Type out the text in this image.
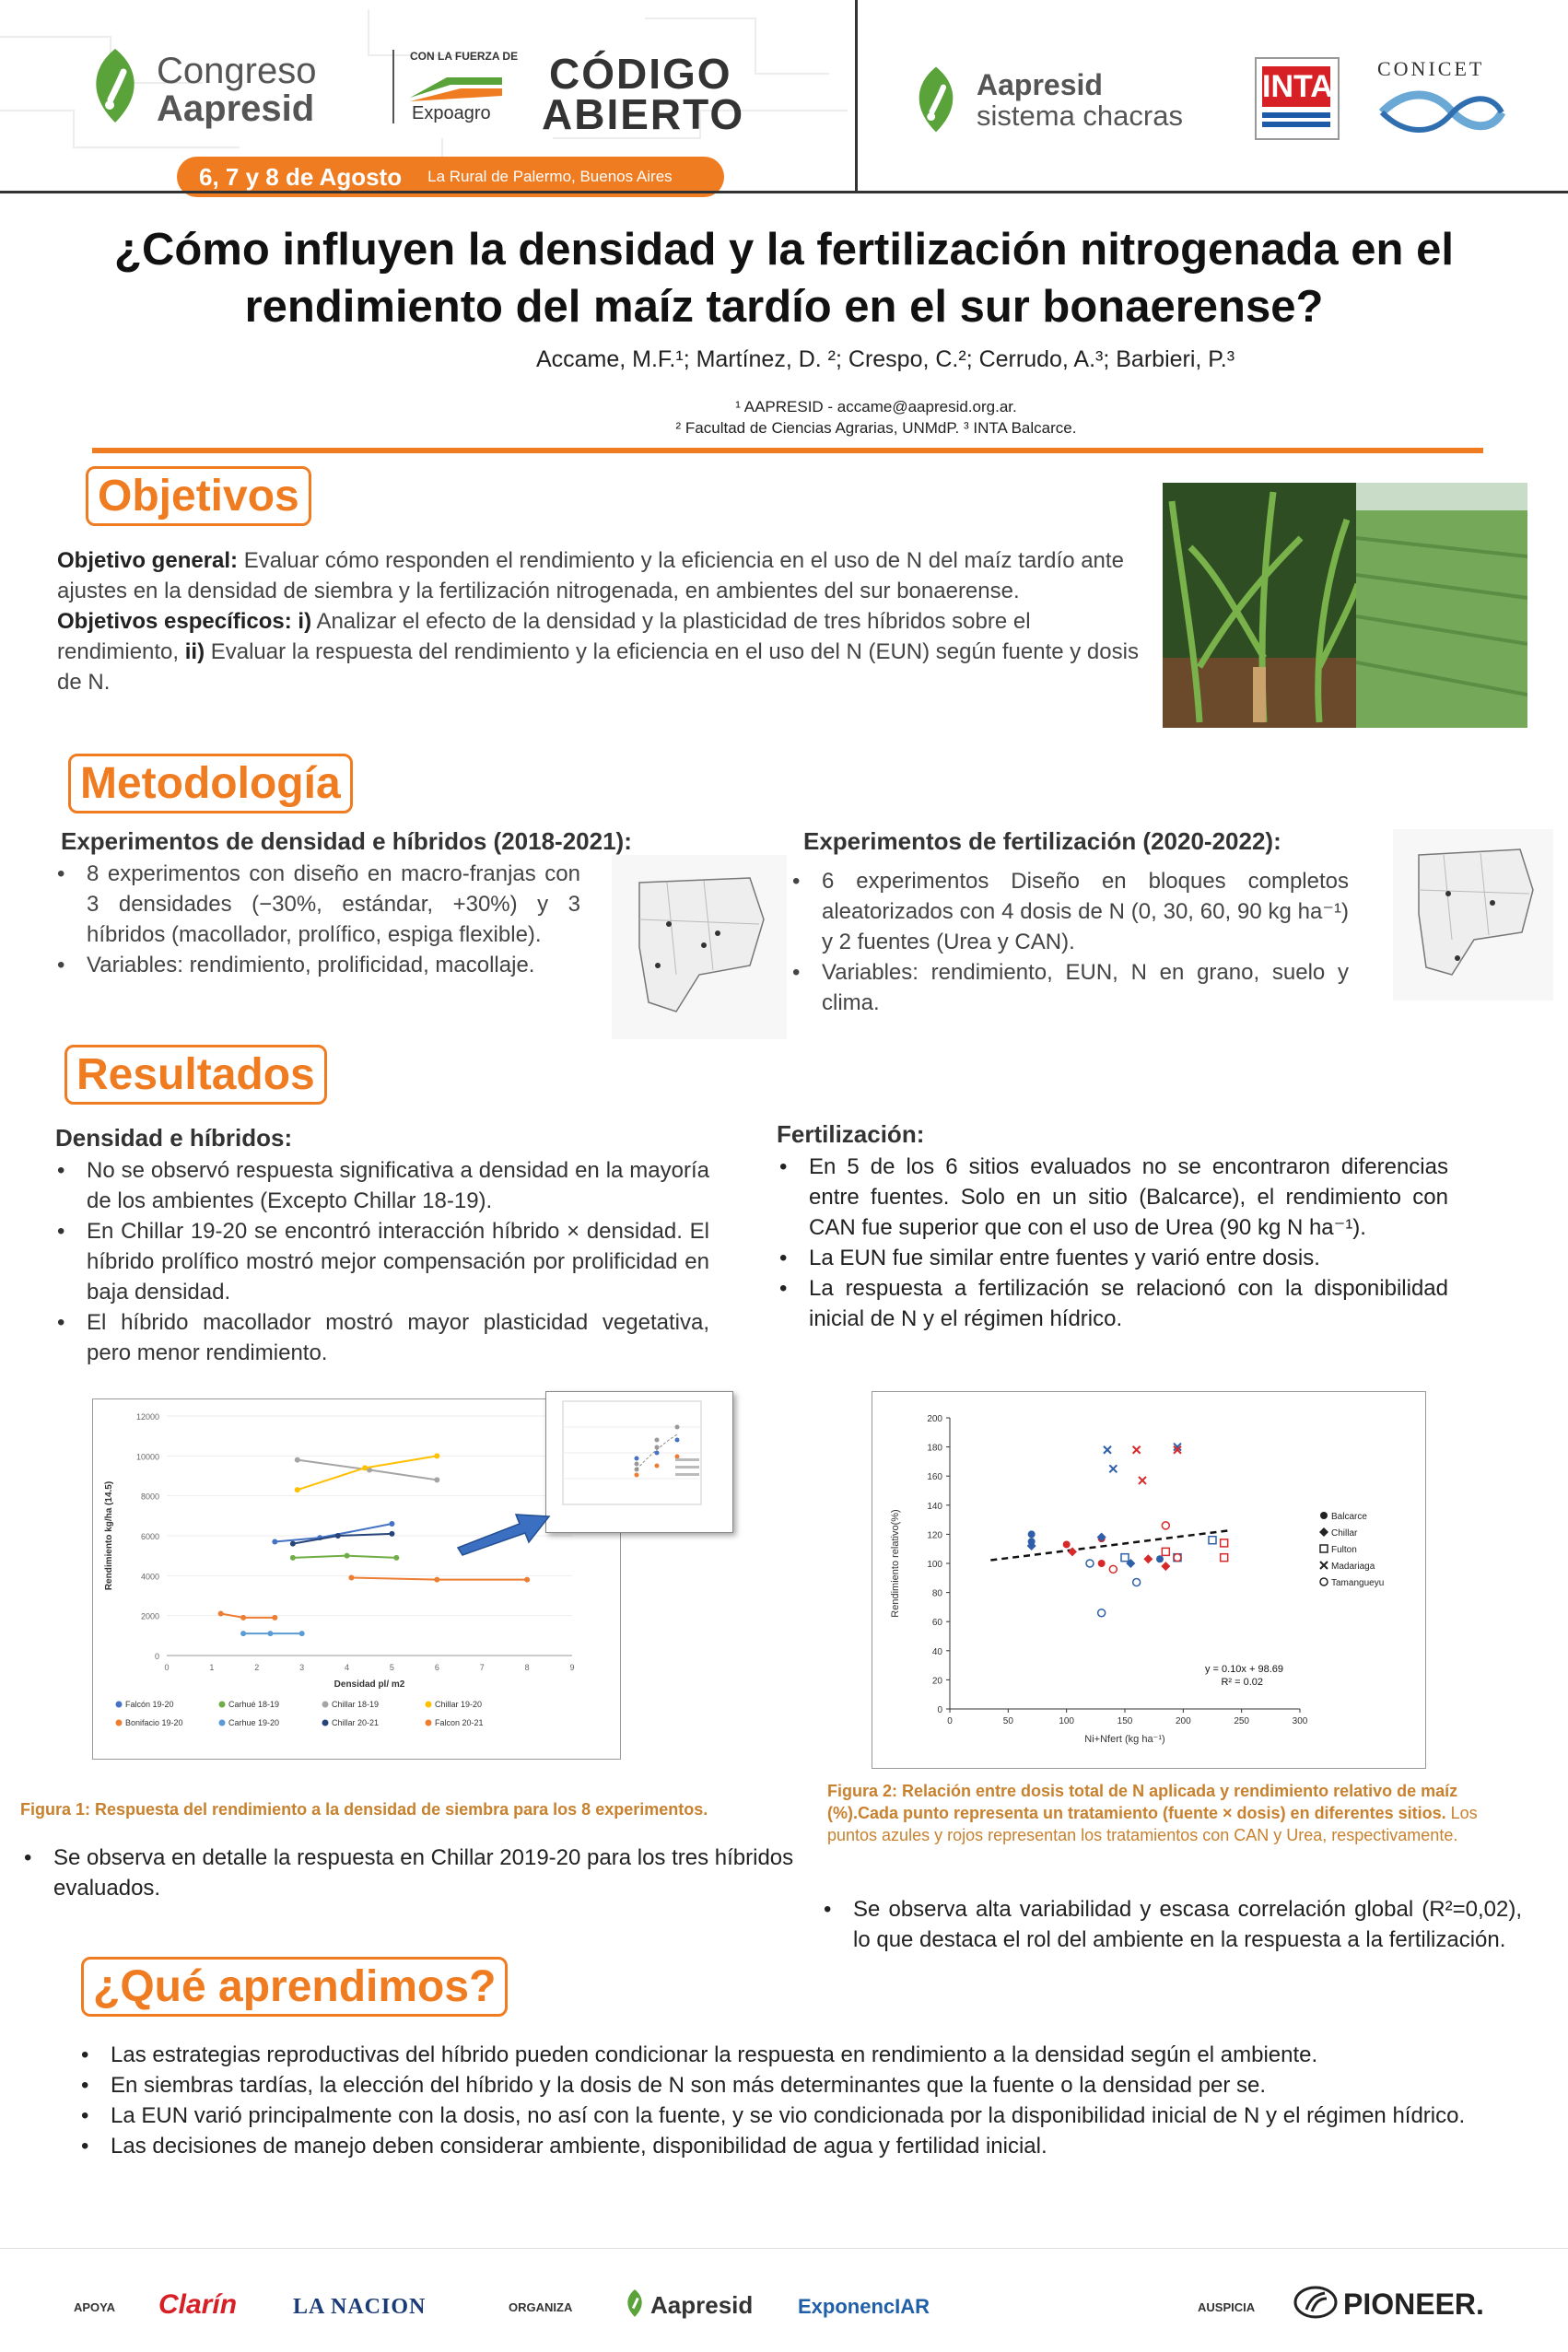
Congreso
Aapresid
CON LA FUERZA DE
Expoagro
CÓDIGO
ABIERTO
6, 7 y 8 de Agosto La Rural de Palermo, Buenos Aires
Aapresid
sistema chacras
INTA
CONICET
¿Cómo influyen la densidad y la fertilización nitrogenada en el
rendimiento del maíz tardío en el sur bonaerense?
Accame, M.F.¹; Martínez, D. ²; Crespo, C.²; Cerrudo, A.³; Barbieri, P.³
¹ AAPRESID - accame@aapresid.org.ar.
² Facultad de Ciencias Agrarias, UNMdP. ³ INTA Balcarce.
Objetivos
Objetivo general: Evaluar cómo responden el rendimiento y la eficiencia en el uso de N del maíz tardío ante ajustes en la densidad de siembra y la fertilización nitrogenada, en ambientes del sur bonaerense.
Objetivos específicos: i) Analizar el efecto de la densidad y la plasticidad de tres híbridos sobre el rendimiento, ii) Evaluar la respuesta del rendimiento y la eficiencia en el uso del N (EUN) según fuente y dosis de N.
Metodología
Experimentos de densidad e híbridos (2018-2021):
• 8 experimentos con diseño en macro-franjas con 3 densidades (−30%, estándar, +30%) y 3 híbridos (macollador, prolífico, espiga flexible).
• Variables: rendimiento, prolificidad, macollaje.
Experimentos de fertilización (2020-2022):
• 6 experimentos Diseño en bloques completos aleatorizados con 4 dosis de N (0, 30, 60, 90 kg ha⁻¹) y 2 fuentes (Urea y CAN).
• Variables: rendimiento, EUN, N en grano, suelo y clima.
Resultados
Densidad e híbridos:
• No se observó respuesta significativa a densidad en la mayoría de los ambientes (Excepto Chillar 18-19).
• En Chillar 19-20 se encontró interacción híbrido × densidad. El híbrido prolífico mostró mejor compensación por prolificidad en baja densidad.
• El híbrido macollador mostró mayor plasticidad vegetativa, pero menor rendimiento.
Fertilización:
• En 5 de los 6 sitios evaluados no se encontraron diferencias entre fuentes. Solo en un sitio (Balcarce), el rendimiento con CAN fue superior que con el uso de Urea (90 kg N ha⁻¹).
• La EUN fue similar entre fuentes y varió entre dosis.
• La respuesta a fertilización se relacionó con la disponibilidad inicial de N y el régimen hídrico.
0
2000
4000
6000
8000
10000
12000
0	1	2	3	4	5	6	7	8	9
Densidad pl/ m2
Rendimiento kg/ha (14.5)
Falcón 19-20	Carhué 18-19	Chillar 18-19	Chillar 19-20
Bonifacio 19-20	Carhue 19-20	Chillar 20-21	Falcon 20-21
Figura 1: Respuesta del rendimiento a la densidad de siembra para los 8 experimentos.
• Se observa en detalle la respuesta en Chillar 2019-20 para los tres híbridos evaluados.
0
20
40
60
80
100
120
140
160
180
200
0	50	100	150	200	250	300
Ni+Nfert (kg ha⁻¹)
Rendimiento relativo(%)
y = 0.10x + 98.69
R² = 0.02
Balcarce
Chillar
Fulton
Madariaga
Tamangueyu
Figura 2: Relación entre dosis total de N aplicada y rendimiento relativo de maíz (%).Cada punto representa un tratamiento (fuente × dosis) en diferentes sitios. Los puntos azules y rojos representan los tratamientos con CAN y Urea, respectivamente.
• Se observa alta variabilidad y escasa correlación global (R²=0,02), lo que destaca el rol del ambiente en la respuesta a la fertilización.
¿Qué aprendimos?
• Las estrategias reproductivas del híbrido pueden condicionar la respuesta en rendimiento a la densidad según el ambiente.
• En siembras tardías, la elección del híbrido y la dosis de N son más determinantes que la fuente o la densidad per se.
• La EUN varió principalmente con la dosis, no así con la fuente, y se vio condicionada por la disponibilidad inicial de N y el régimen hídrico.
• Las decisiones de manejo deben considerar ambiente, disponibilidad de agua y fertilidad inicial.
APOYA Clarín	LA NACION	ORGANIZA	Aapresid ExponencIAR	AUSPICIA	PIONEER.
